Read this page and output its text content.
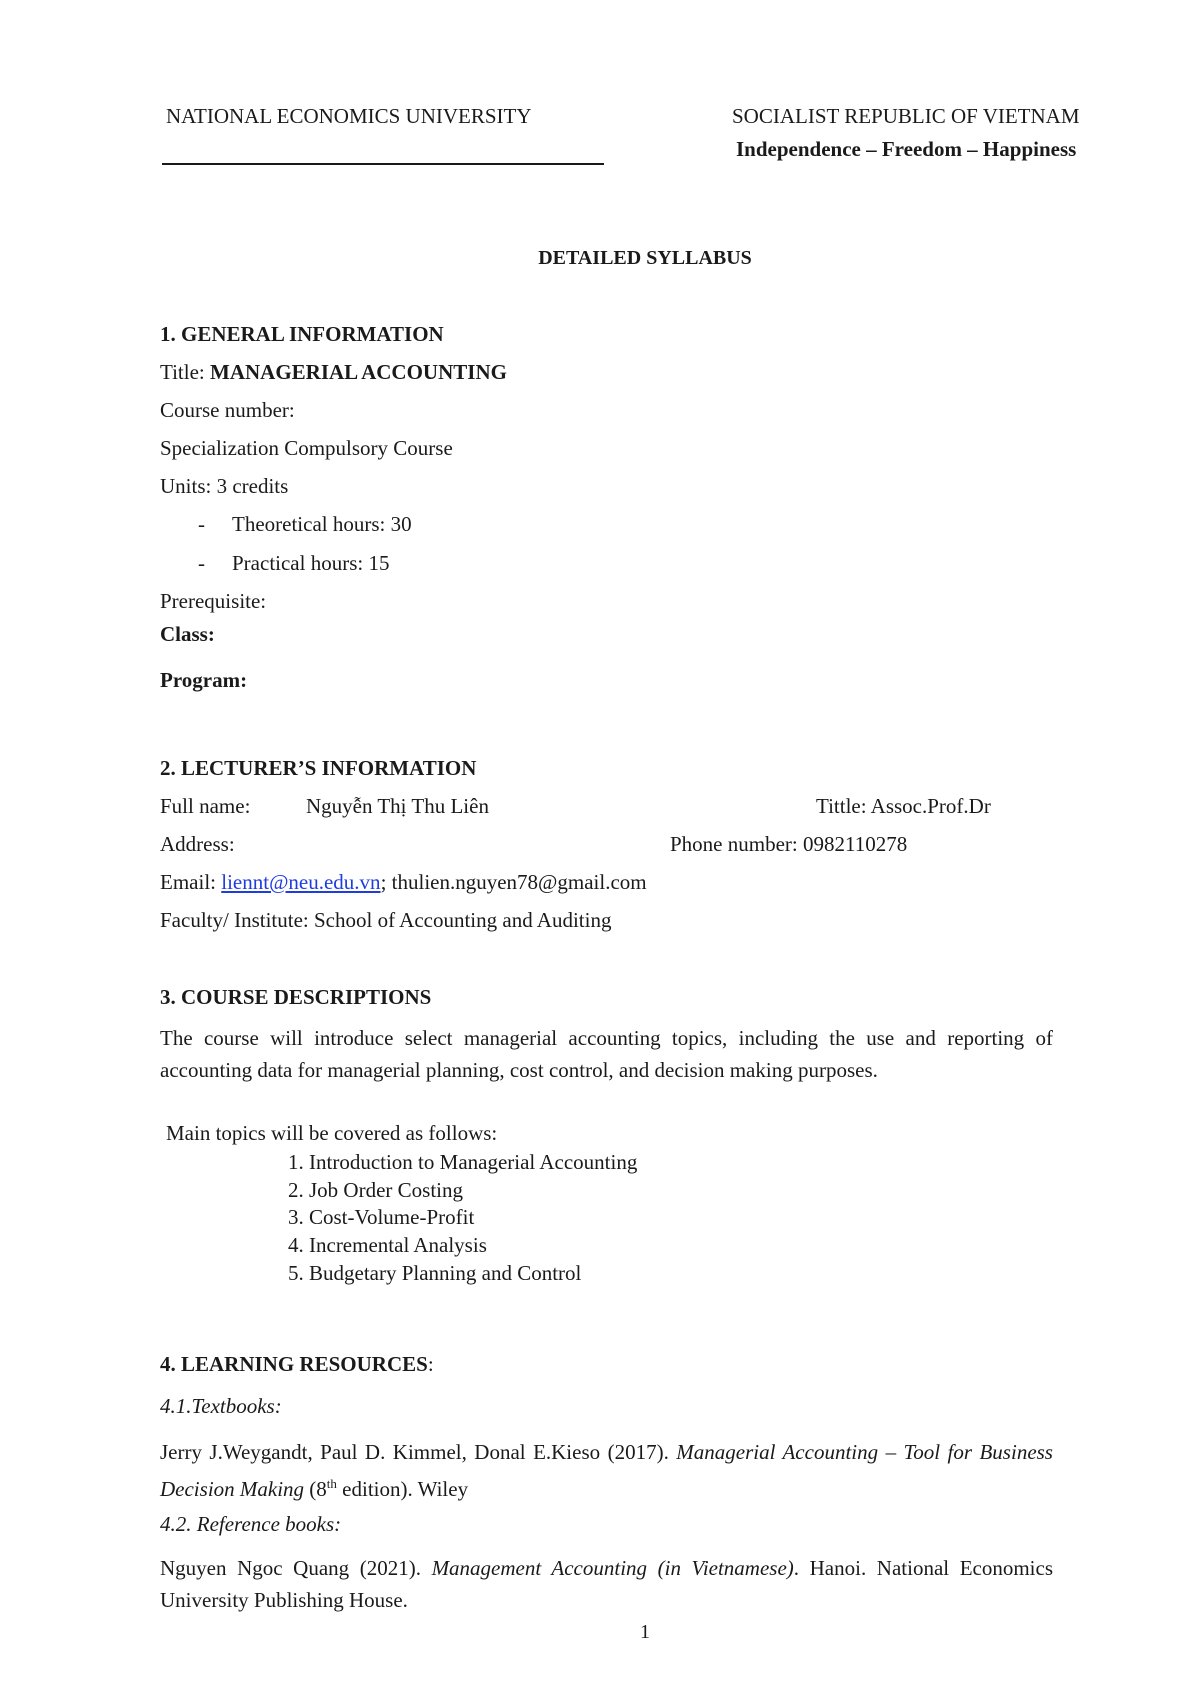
NATIONAL ECONOMICS UNIVERSITY	SOCIALIST REPUBLIC OF VIETNAM
Independence – Freedom – Happiness
DETAILED SYLLABUS
1. GENERAL INFORMATION
Title: MANAGERIAL ACCOUNTING
Course number:
Specialization Compulsory Course
Units: 3 credits
- Theoretical hours: 30
- Practical hours: 15
Prerequisite:
Class:
Program:
2. LECTURER’S INFORMATION
Full name:	Nguyễn Thị Thu Liên	Tittle: Assoc.Prof.Dr
Address:	Phone number: 0982110278
Email: liennt@neu.edu.vn; thulien.nguyen78@gmail.com
Faculty/ Institute: School of Accounting and Auditing
3. COURSE DESCRIPTIONS
The course will introduce select managerial accounting topics, including the use and reporting of accounting data for managerial planning, cost control, and decision making purposes.
Main topics will be covered as follows:
1. Introduction to Managerial Accounting
2. Job Order Costing
3. Cost-Volume-Profit
4. Incremental Analysis
5. Budgetary Planning and Control
4. LEARNING RESOURCES:
4.1.Textbooks:
Jerry J.Weygandt, Paul D. Kimmel, Donal E.Kieso (2017). Managerial Accounting – Tool for Business Decision Making (8th edition). Wiley
4.2. Reference books:
Nguyen Ngoc Quang (2021). Management Accounting (in Vietnamese). Hanoi. National Economics University Publishing House.
1
